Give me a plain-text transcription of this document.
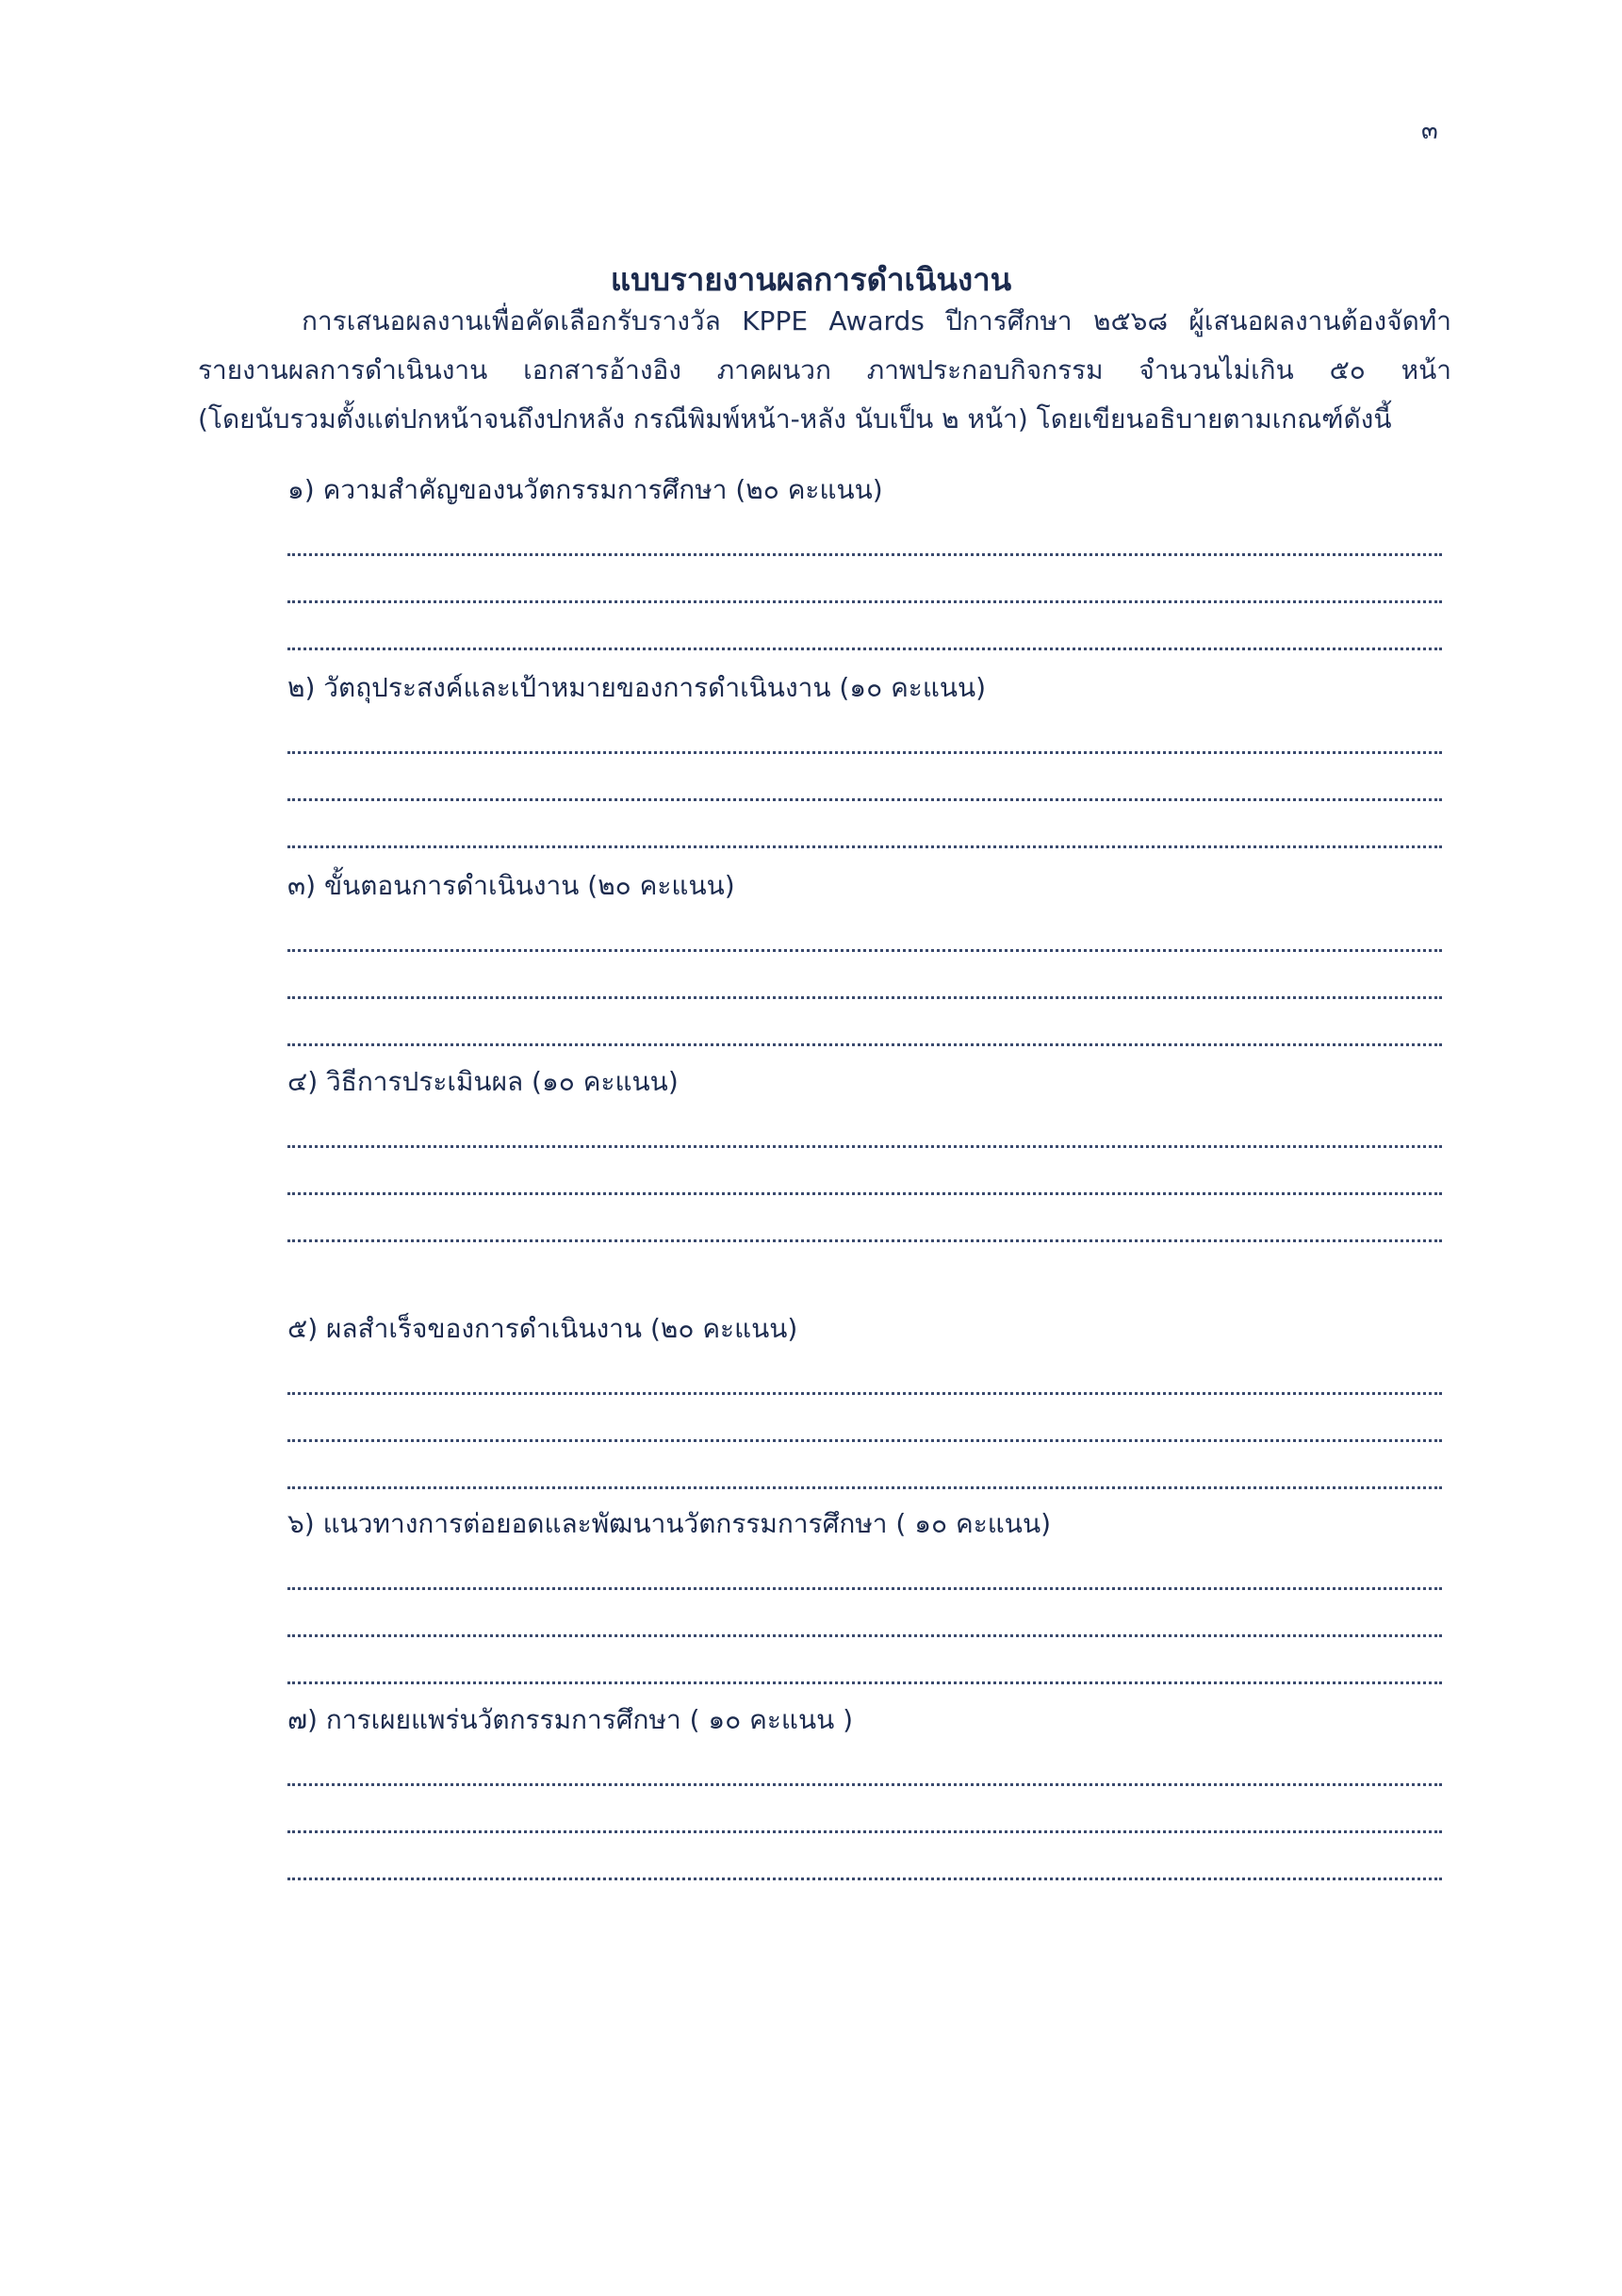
๓
แบบรายงานผลการดำเนินงาน

การเสนอผลงานเพื่อคัดเลือกรับรางวัล KPPE Awards ปีการศึกษา ๒๕๖๘ ผู้เสนอผลงานต้องจัดทำ
รายงานผลการดำเนินงาน เอกสารอ้างอิง ภาคผนวก ภาพประกอบกิจกรรม จำนวนไม่เกิน ๕๐ หน้า
(โดยนับรวมตั้งแต่ปกหน้าจนถึงปกหลัง กรณีพิมพ์หน้า-หลัง นับเป็น ๒ หน้า) โดยเขียนอธิบายตามเกณฑ์ดังนี้

๑) ความสำคัญของนวัตกรรมการศึกษา (๒๐ คะแนน)
๒) วัตถุประสงค์และเป้าหมายของการดำเนินงาน (๑๐ คะแนน)
๓) ขั้นตอนการดำเนินงาน (๒๐ คะแนน)
๔) วิธีการประเมินผล (๑๐ คะแนน)
๕) ผลสำเร็จของการดำเนินงาน (๒๐ คะแนน)
๖) แนวทางการต่อยอดและพัฒนานวัตกรรมการศึกษา ( ๑๐ คะแนน)
๗) การเผยแพร่นวัตกรรมการศึกษา ( ๑๐ คะแนน )
